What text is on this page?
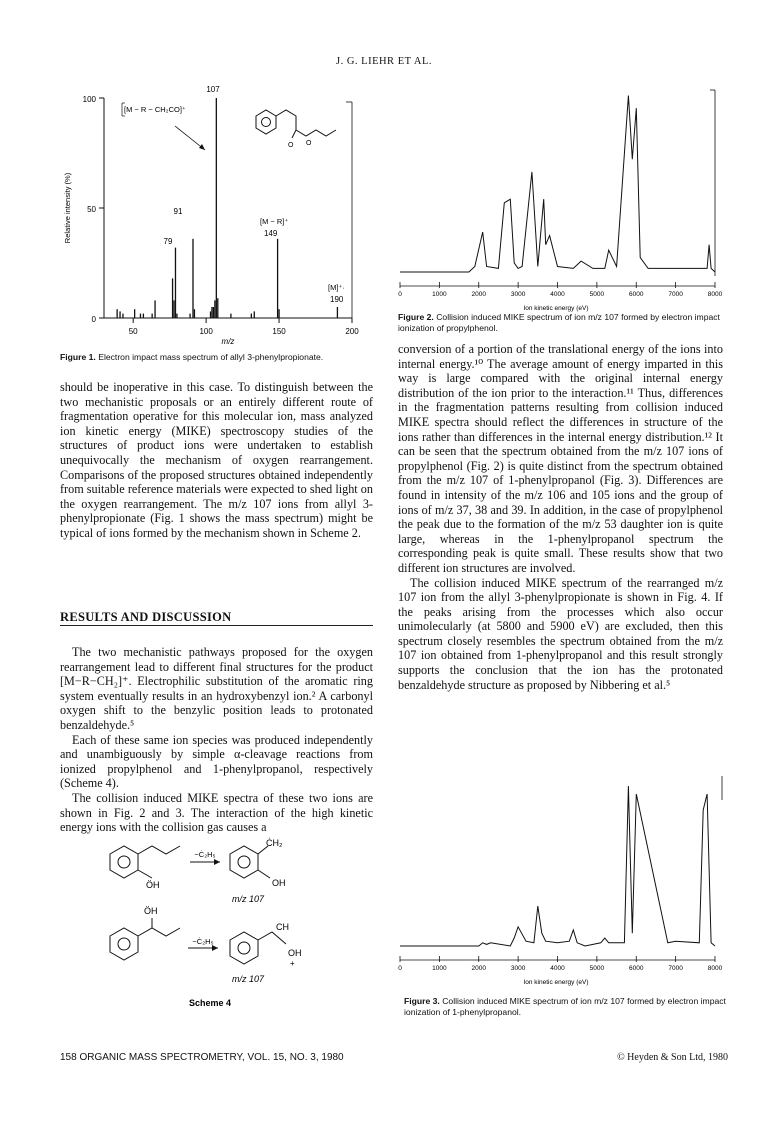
J. G. LIEHR ET AL.
100
50
0
50	100	150	200
Relative intensity (%)
m/z
107
[M − R − CH₂CO]⁺
91
79
[M − R]⁺
149
[M]⁺·
190
O O
Figure 1. Electron impact mass spectrum of allyl 3-phenylpropionate.

should be inoperative in this case. To distinguish between the two mechanistic proposals or an entirely different route of fragmentation operative for this molecular ion, mass analyzed ion kinetic energy (MIKE) spectroscopy studies of the structures of product ions were undertaken to establish unequivocally the mechanism of oxygen rearrangement. Comparisons of the proposed structures obtained independently from suitable reference materials were expected to shed light on the oxygen rearrangement. The m/z 107 ions from allyl 3-phenylpropionate (Fig. 1 shows the mass spectrum) might be typical of ions formed by the mechanism shown in Scheme 2.

RESULTS AND DISCUSSION

The two mechanistic pathways proposed for the oxygen rearrangement lead to different final structures for the product [M−R−CH₂]⁺. Electrophilic substitution of the aromatic ring system eventually results in an hydroxybenzyl ion.² A carbonyl oxygen shift to the benzylic position leads to protonated benzaldehyde.⁵

Each of these same ion species was produced independently and unambiguously by simple α-cleavage reactions from ionized propylphenol and 1-phenylpropanol, respectively (Scheme 4).

The collision induced MIKE spectra of these two ions are shown in Fig. 2 and 3. The interaction of the high kinetic energy ions with the collision gas causes a

−Ċ₂H₅
ÖH
ĊH₂
OH
m/z 107
ÖH
−Ċ₂H₅
CH
OH
+
m/z 107
Scheme 4
0	1000	2000	3000	4000	5000	6000	7000	8000
Ion kinetic energy (eV)
Figure 2. Collision induced MIKE spectrum of ion m/z 107 formed by electron impact ionization of propylphenol.

conversion of a portion of the translational energy of the ions into internal energy.¹⁰ The average amount of energy imparted in this way is large compared with the original internal energy distribution of the ion prior to the interaction.¹¹ Thus, differences in the fragmentation patterns resulting from collision induced MIKE spectra should reflect the differences in structure of the ions rather than differences in the internal energy distribution.¹² It can be seen that the spectrum obtained from the m/z 107 ions of propylphenol (Fig. 2) is quite distinct from the spectrum obtained from the m/z 107 of 1-phenylpropanol (Fig. 3). Differences are found in intensity of the m/z 106 and 105 ions and the group of ions of m/z 37, 38 and 39. In addition, in the case of propylphenol the peak due to the formation of the m/z 53 daughter ion is quite large, whereas in the 1-phenylpropanol spectrum the corresponding peak is quite small. These results show that two different ion structures are involved.

The collision induced MIKE spectrum of the rearranged m/z 107 ion from the allyl 3-phenylpropionate is shown in Fig. 4. If the peaks arising from the processes which also occur unimolecularly (at 5800 and 5900 eV) are excluded, then this spectrum closely resembles the spectrum obtained from the m/z 107 ion obtained from 1-phenylpropanol and this result strongly supports the conclusion that the ion has the protonated benzaldehyde structure as proposed by Nibbering et al.⁵

0	1000	2000	3000	4000	5000	6000	7000	8000
Ion kinetic energy (eV)
Figure 3. Collision induced MIKE spectrum of ion m/z 107 formed by electron impact ionization of 1-phenylpropanol.
158 ORGANIC MASS SPECTROMETRY, VOL. 15, NO. 3, 1980	© Heyden & Son Ltd, 1980
